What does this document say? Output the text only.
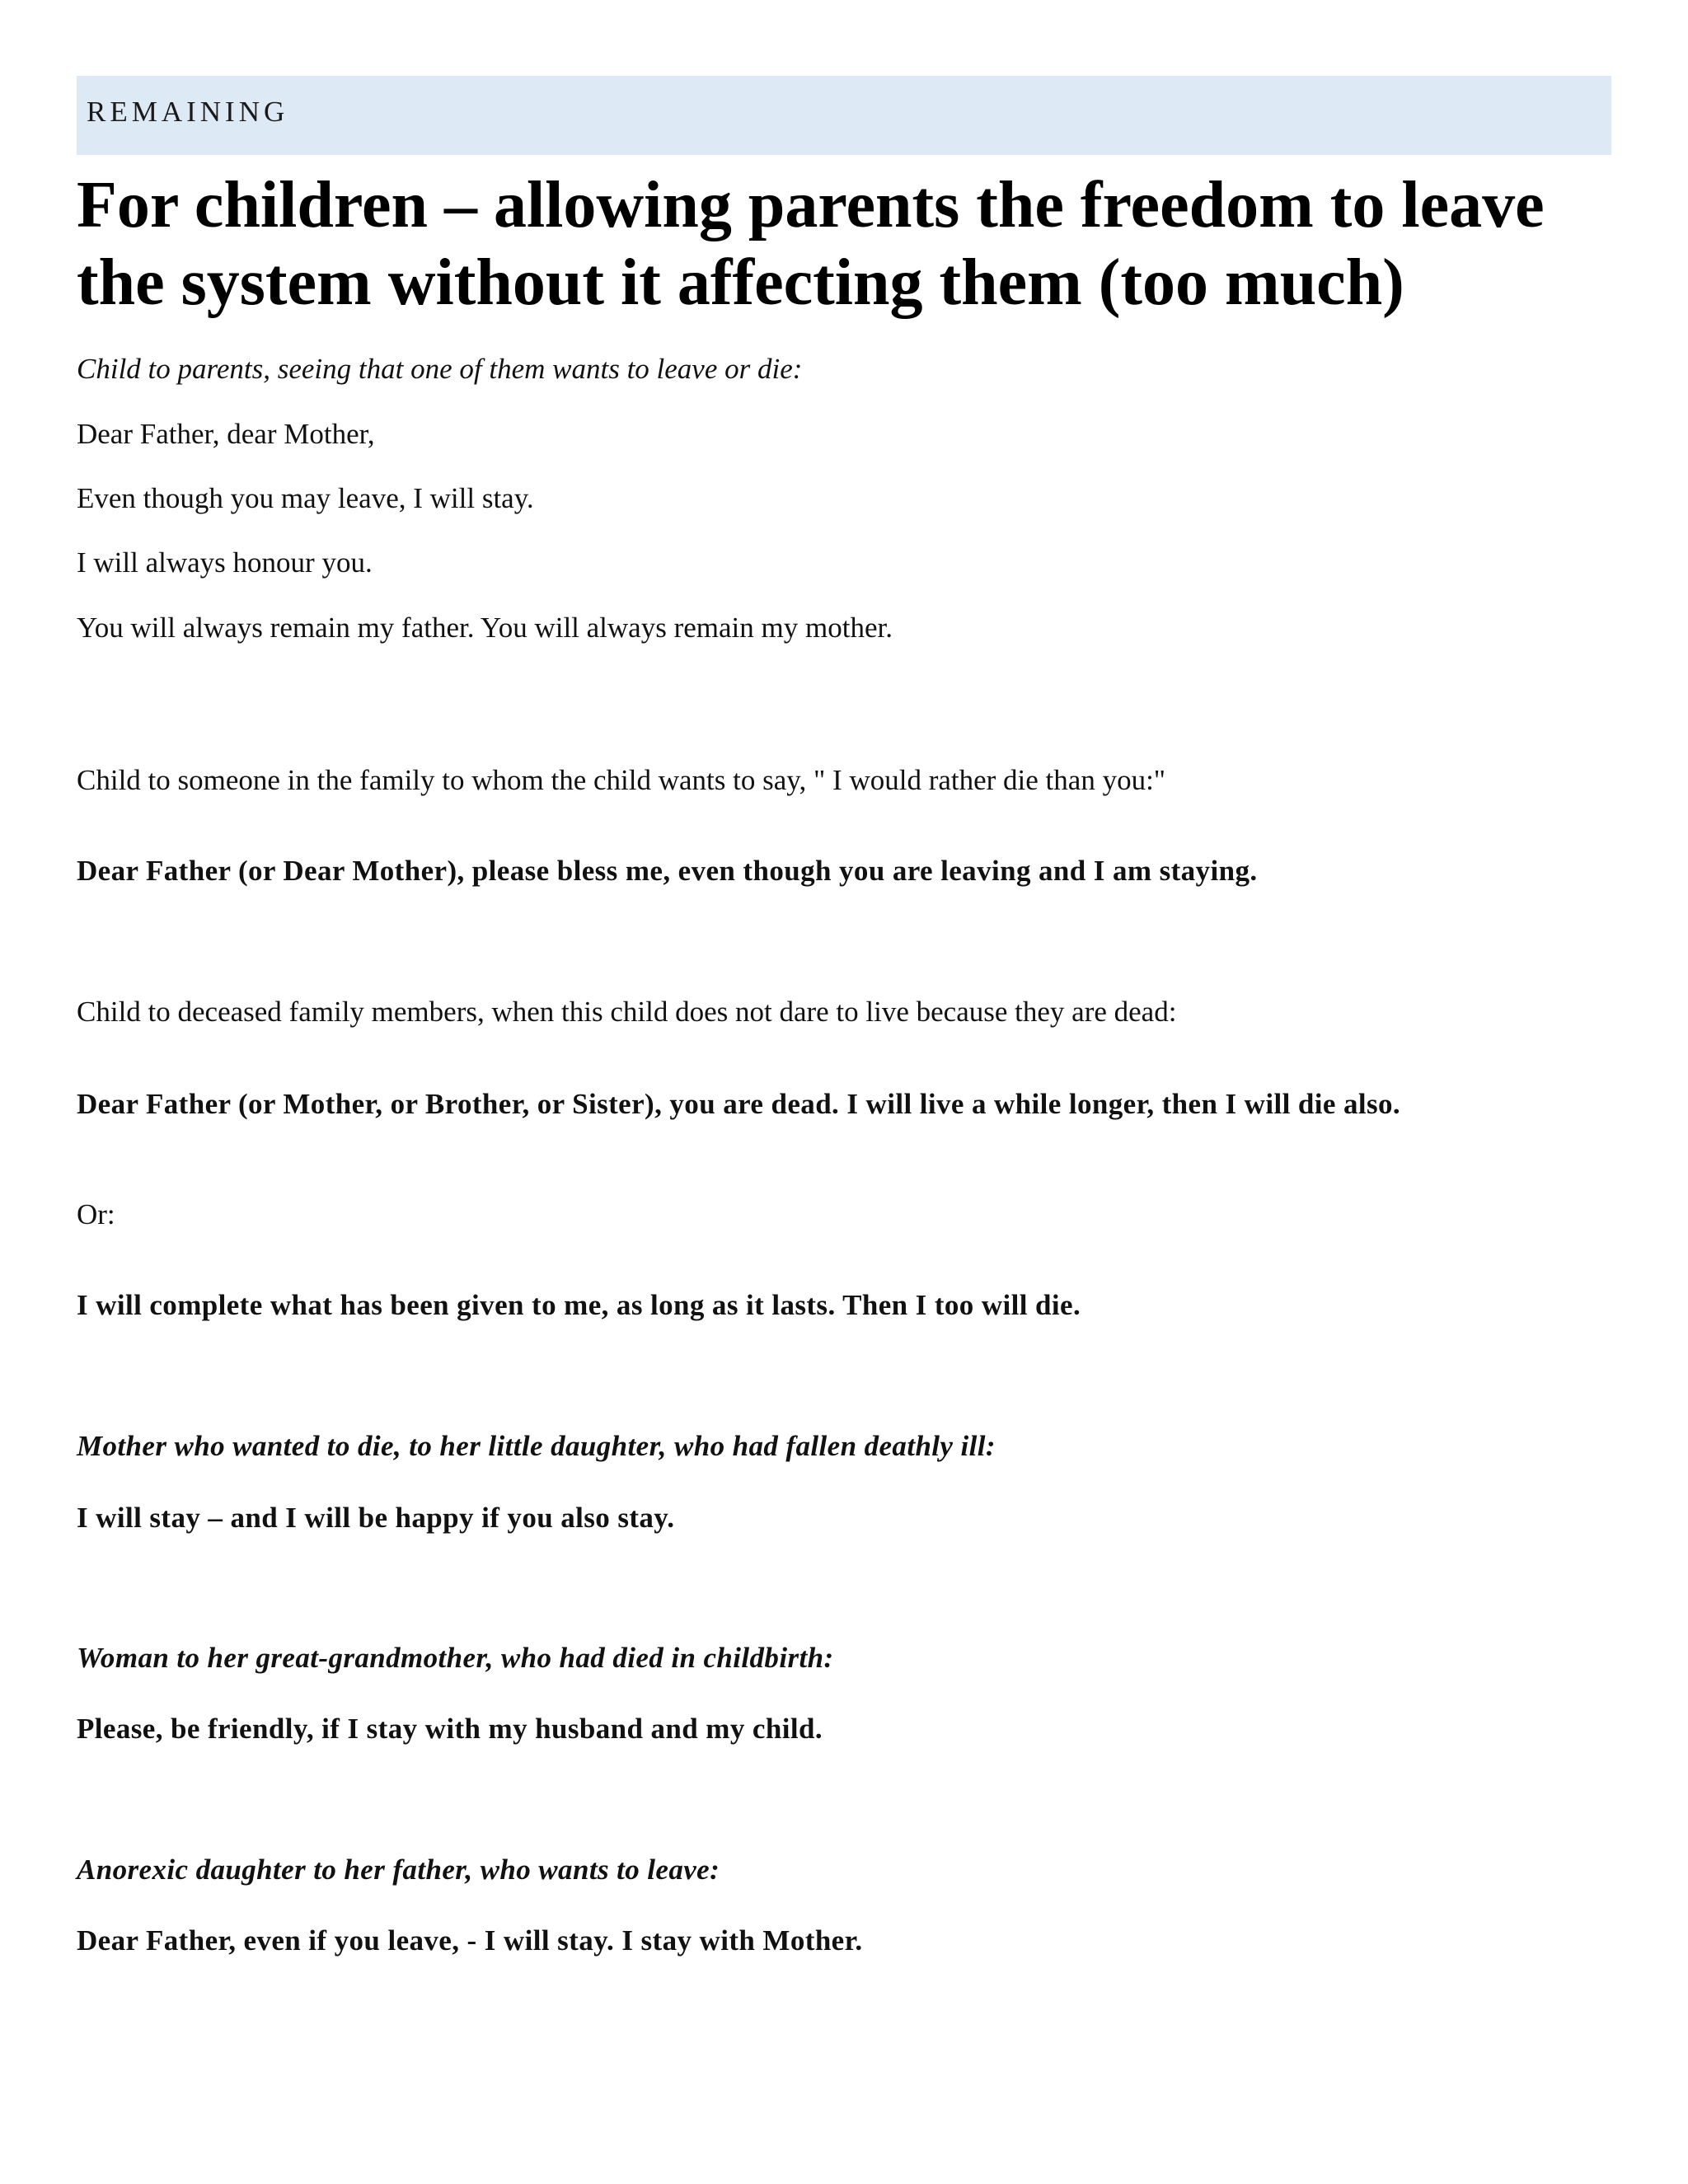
REMAINING
For children – allowing parents the freedom to leave the system without it affecting them (too much)

Child to parents, seeing that one of them wants to leave or die:

Dear Father, dear Mother,

Even though you may leave, I will stay.

I will always honour you.

You will always remain my father. You will always remain my mother.

Child to someone in the family to whom the child wants to say, " I would rather die than you:"

Dear Father (or Dear Mother), please bless me, even though you are leaving and I am staying.

Child to deceased family members, when this child does not dare to live because they are dead:

Dear Father (or Mother, or Brother, or Sister), you are dead. I will live a while longer, then I will die also.

Or:

I will complete what has been given to me, as long as it lasts. Then I too will die.

Mother who wanted to die, to her little daughter, who had fallen deathly ill:

I will stay – and I will be happy if you also stay.

Woman to her great-grandmother, who had died in childbirth:

Please, be friendly, if I stay with my husband and my child.

Anorexic daughter to her father, who wants to leave:

Dear Father, even if you leave, - I will stay. I stay with Mother.
